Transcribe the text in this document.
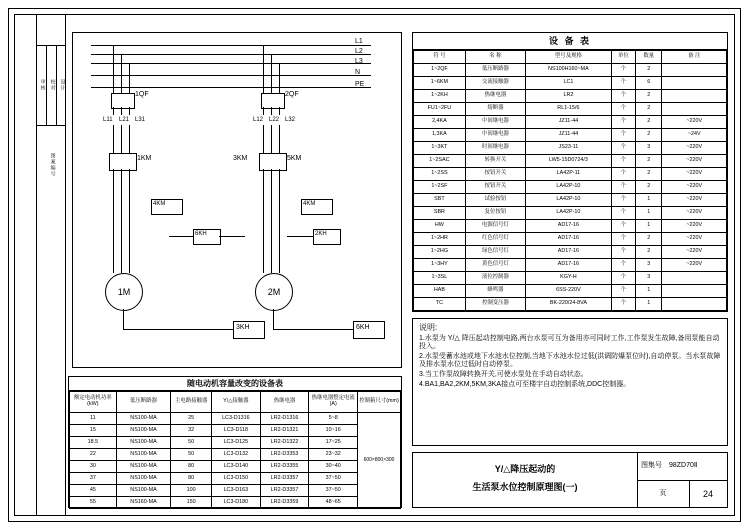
审核 校对 设计
图案编号
L1
L2
L3
N
PE
1QF
L11 L21 L31
1KM
4KM
6KH
1M
3KH
2QF
L12 L22 L32
3KM	5KM
4KM
2KH
2M
6KH
设 备 表
符 号	名 称	型号及规格	单位	数量	备 注
1~2QF	低压断路器	NS100H160~MA	个	2	
1~6KM	交流接触器	LC1	个	6	
1~2KH	热继电器	LR2	个	2	
FU1~2FU	熔断器	RL1-15/6	个	2	
2,4KA	中间继电器	JZ11-44	个	2	~220V
1,3KA	中间继电器	JZ11-44	个	2	~24V
1~3KT	时间继电器	JS23-11	个	3	~220V
1~2SAC	转换开关	LW5-15D0724/3	个	2	~220V
1~2SS	按钮开关	LA42P-11	个	2	~220V
1~2SF	按钮开关	LA42P-10	个	2	~220V
SBT	试验按钮	LA42P-10	个	1	~220V
SBR	复位按钮	LA42P-10	个	1	~220V
HW	电源信号灯	AD17-16	个	1	~220V
1~2HR	红色信号灯	AD17-16	个	2	~220V
1~2HG	绿色信号灯	AD17-16	个	2	~220V
1~3HY	黄色信号灯	AD17-16	个	3	~220V
1~3SL	液位控制器	KGY-H	个	3	
HAB	蜂鸣器	6SS-220V	个	1	
TC	控制变压器	BK-220/24-8VA	个	1	
说明:
1.水泵为 Y/△ 降压起动控制电路,两台水泵可互为备用亦可同时工作,工作泵发生故障,备用泵能自动投入。
2.水泵受蓄水池或地下水池水位控制,当地下水池水位过低(洪调防爆泵位时),自动停泵。当水泵故障及排水泵水位过低时自动停泵。
3.当工作泵故障转换开关,可使水泵处在手动自动状态。
4.BA1,BA2,2KM,5KM,3KA接点可至楼宇自动控制系统,DDC控制器。
随电动机容量改变的设备表
额定电动机功率(kW)	低压断路器	主电路接触器	Y/△接触器	热继电器	热继电器整定电流(A)	控制箱尺寸(mm)
11	NS100-MA	25	LC3-D1316	LR2-D1316	5~8	600×800×300
15	NS100-MA	32	LC3-D118	LR2-D1321	10~16	
18.5	NS100-MA	50	LC3-D125	LR2-D1322	17~25	
22	NS100-MA	50	LC3-D132	LR2-D3353	23~32	
30	NS100-MA	80	LC3-D140	LR2-D3355	30~40	
37	NS100-MA	80	LC3-D150	LR2-D3357	37~50	
45	NS100-MA	100	LC3-D163	LR2-D3357	37~50	
55	NS160-MA	150	LC3-D180	LR2-D3359	48~65	
Y/△降压起动的
生活泵水位控制原理图(一)
图集号	98ZD70Ⅱ
页	24
